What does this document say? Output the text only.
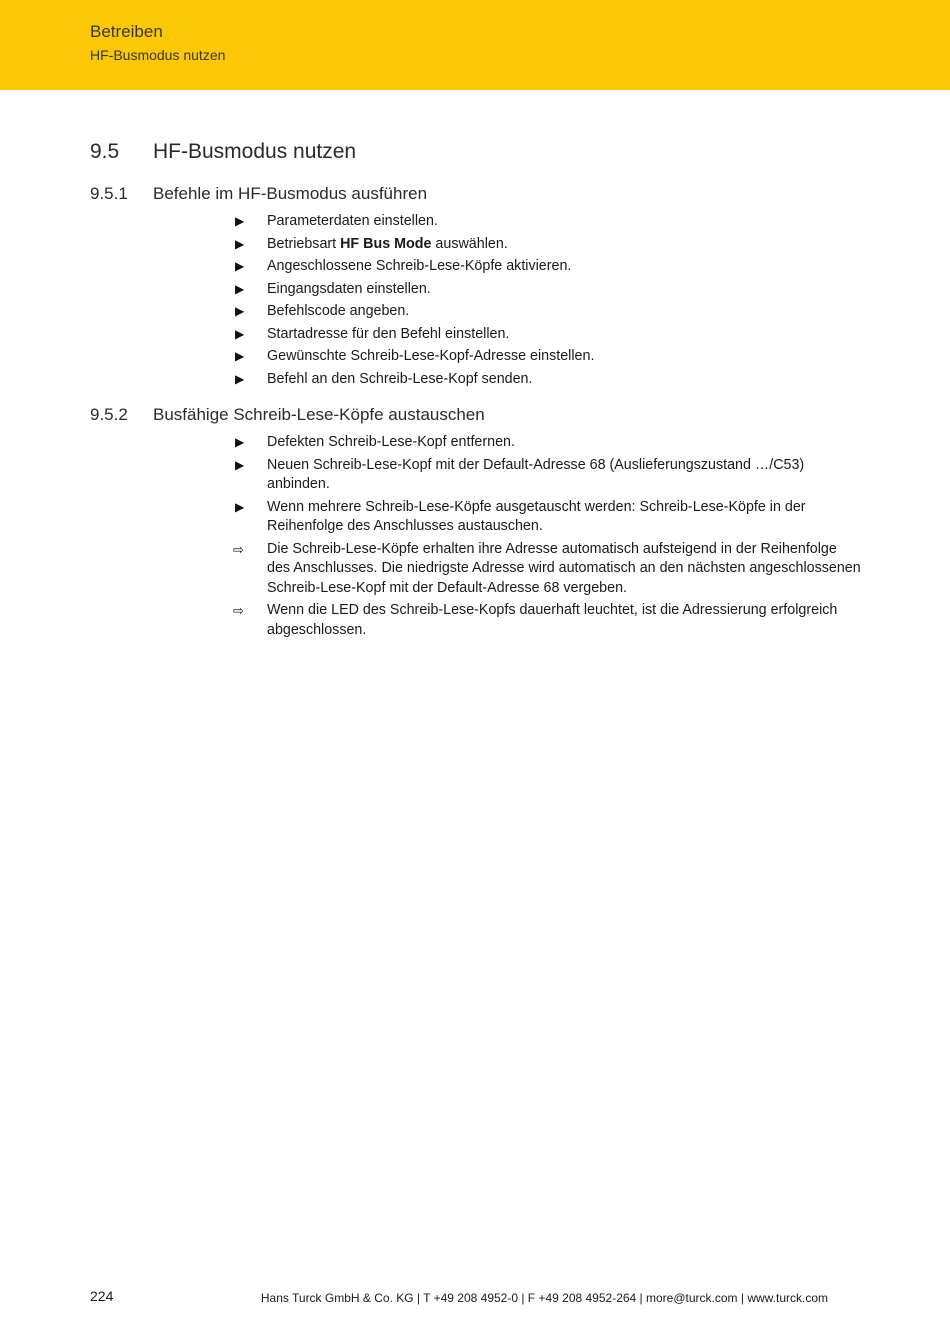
Betreiben
HF-Busmodus nutzen
9.5	HF-Busmodus nutzen
9.5.1	Befehle im HF-Busmodus ausführen
▶ Parameterdaten einstellen.
▶ Betriebsart HF Bus Mode auswählen.
▶ Angeschlossene Schreib-Lese-Köpfe aktivieren.
▶ Eingangsdaten einstellen.
▶ Befehlscode angeben.
▶ Startadresse für den Befehl einstellen.
▶ Gewünschte Schreib-Lese-Kopf-Adresse einstellen.
▶ Befehl an den Schreib-Lese-Kopf senden.
9.5.2	Busfähige Schreib-Lese-Köpfe austauschen
▶ Defekten Schreib-Lese-Kopf entfernen.
▶ Neuen Schreib-Lese-Kopf mit der Default-Adresse 68 (Auslieferungszustand …/C53) anbinden.
▶ Wenn mehrere Schreib-Lese-Köpfe ausgetauscht werden: Schreib-Lese-Köpfe in der Reihenfolge des Anschlusses austauschen.
⇨ Die Schreib-Lese-Köpfe erhalten ihre Adresse automatisch aufsteigend in der Reihenfolge des Anschlusses. Die niedrigste Adresse wird automatisch an den nächsten angeschlossenen Schreib-Lese-Kopf mit der Default-Adresse 68 vergeben.
⇨ Wenn die LED des Schreib-Lese-Kopfs dauerhaft leuchtet, ist die Adressierung erfolgreich abgeschlossen.
224	Hans Turck GmbH & Co. KG | T +49 208 4952-0 | F +49 208 4952-264 | more@turck.com | www.turck.com
